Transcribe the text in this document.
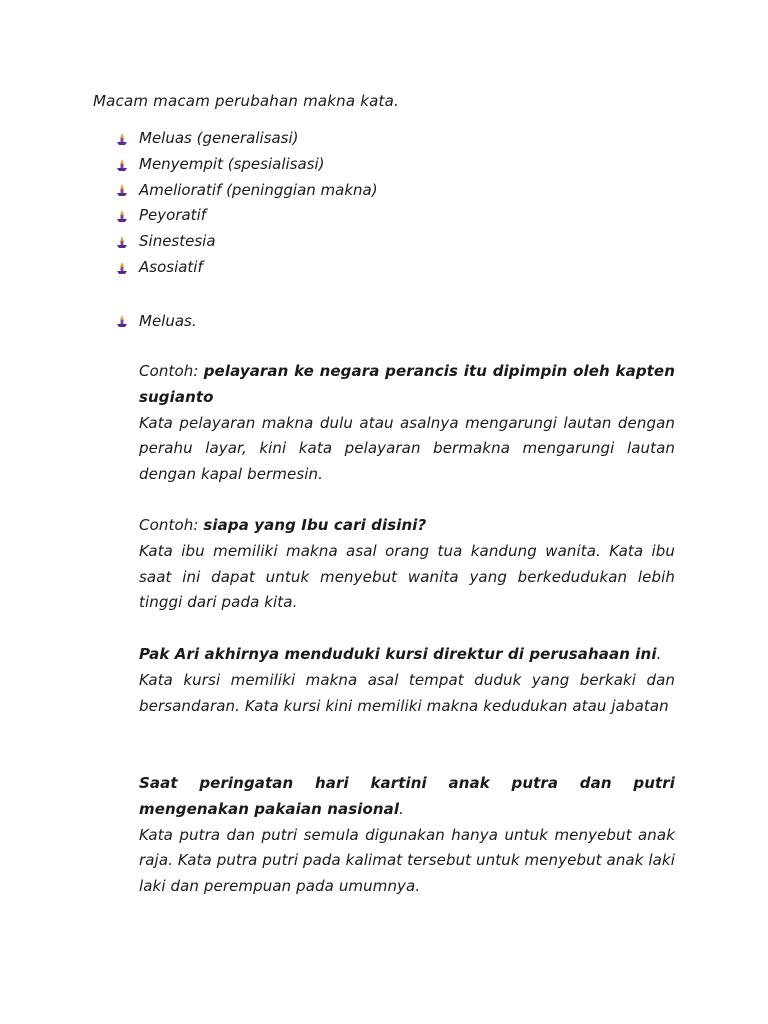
Macam macam perubahan makna kata.
Meluas (generalisasi)
Menyempit (spesialisasi)
Amelioratif (peninggian makna)
Peyoratif
Sinestesia
Asosiatif
Meluas.

Contoh: pelayaran ke negara perancis itu dipimpin oleh kapten sugianto

Kata pelayaran makna dulu atau asalnya mengarungi lautan dengan perahu layar, kini kata pelayaran bermakna mengarungi lautan dengan kapal bermesin.

Contoh: siapa yang Ibu cari disini?

Kata ibu memiliki makna asal orang tua kandung wanita. Kata ibu saat ini dapat untuk menyebut wanita yang berkedudukan lebih tinggi dari pada kita.

Pak Ari akhirnya menduduki kursi direktur di perusahaan ini.

Kata kursi memiliki makna asal tempat duduk yang berkaki dan bersandaran. Kata kursi kini memiliki makna kedudukan atau jabatan

Saat peringatan hari kartini anak putra dan putri mengenakan pakaian nasional.

Kata putra dan putri semula digunakan hanya untuk menyebut anak raja. Kata putra putri pada kalimat tersebut untuk menyebut anak laki laki dan perempuan pada umumnya.
